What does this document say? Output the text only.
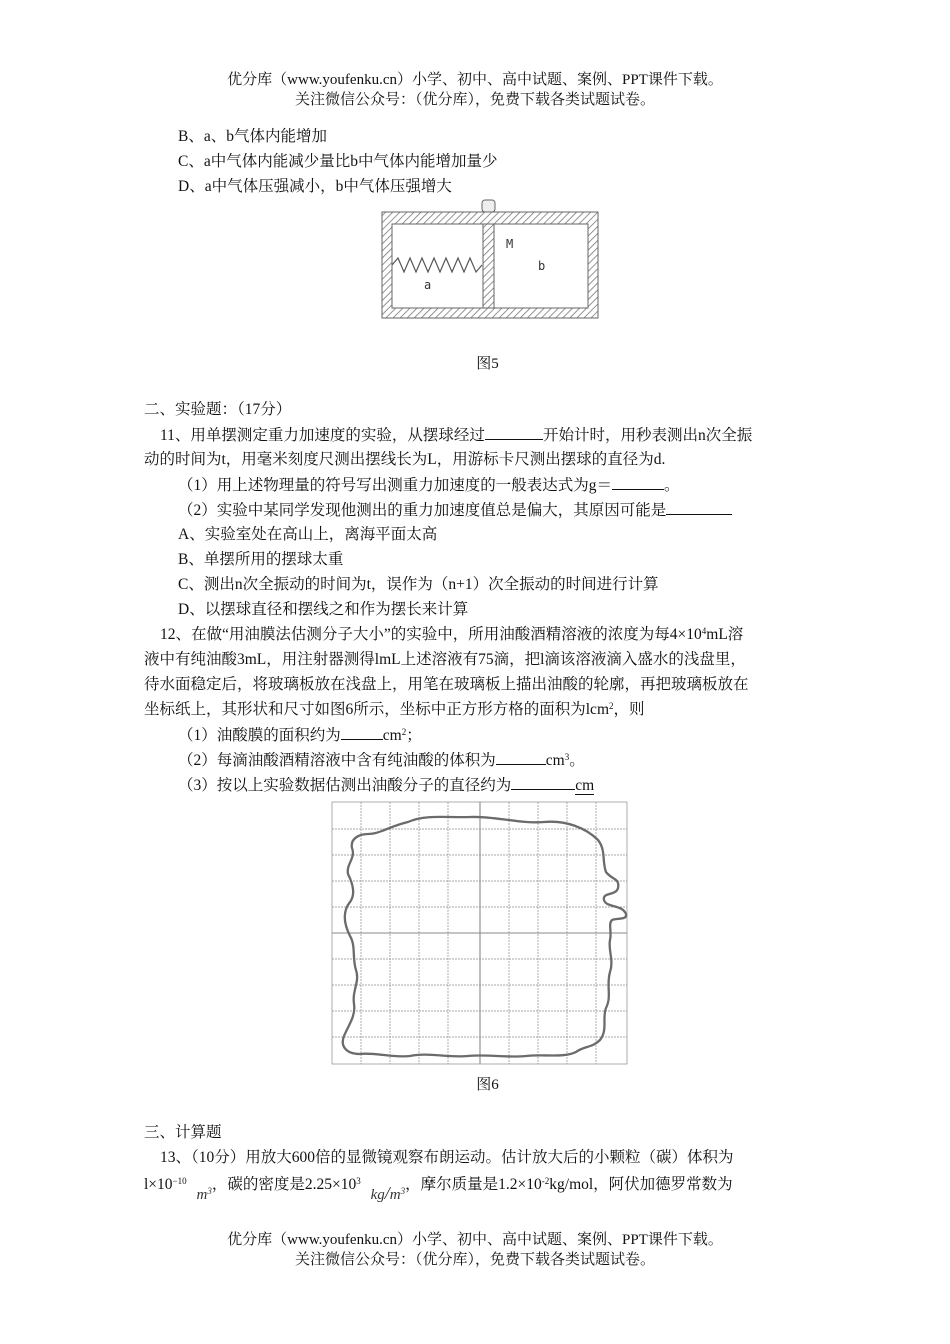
优分库（www.youfenku.cn）小学、初中、高中试题、案例、PPT课件下载。
关注微信公众号：（优分库），免费下载各类试题试卷。
B、a、b气体内能增加
C、a中气体内能减少量比b中气体内能增加量少
D、a中气体压强减小，b中气体压强增大
M
a
b
图5
二、实验题：（17分）
11、用单摆测定重力加速度的实验，从摆球经过	开始计时，用秒表测出n次全振
动的时间为t，用毫米刻度尺测出摆线长为L，用游标卡尺测出摆球的直径为d.
（1）用上述物理量的符号写出测重力加速度的一般表达式为g＝	。
（2）实验中某同学发现他测出的重力加速度值总是偏大，其原因可能是
A、实验室处在高山上，离海平面太高
B、单摆所用的摆球太重
C、测出n次全振动的时间为t，误作为（n+1）次全振动的时间进行计算
D、以摆球直径和摆线之和作为摆长来计算
12、在做“用油膜法估测分子大小”的实验中，所用油酸酒精溶液的浓度为每$4\times 10^4mL$溶
液中有纯油酸3mL，用注射器测得lmL上述溶液有75滴，把l滴该溶液滴入盛水的浅盘里，
待水面稳定后，将玻璃板放在浅盘上，用笔在玻璃板上描出油酸的轮廓，再把玻璃板放在
坐标纸上，其形状和尺寸如图6所示，坐标中正方形方格的面积为lcm$^2$，则
（1）油酸膜的面积约为	$cm^2$；
（2）每滴油酸酒精溶液中含有纯油酸的体积为	$cm^3$。
（3）按以上实验数据估测出油酸分子的直径约为	cm
图6
三、计算题
13、（10分）用放大600倍的显微镜观察布朗运动。估计放大后的小颗粒（碳）体积为
$l\times 10^{-10}$ $m^3$，碳的密度是$2.25\times 10^3$ $kg/m^3$，摩尔质量是$1.2\times 10^{-2}kg$/mol，阿伏加德罗常数为
优分库（www.youfenku.cn）小学、初中、高中试题、案例、PPT课件下载。
关注微信公众号：（优分库），免费下载各类试题试卷。
